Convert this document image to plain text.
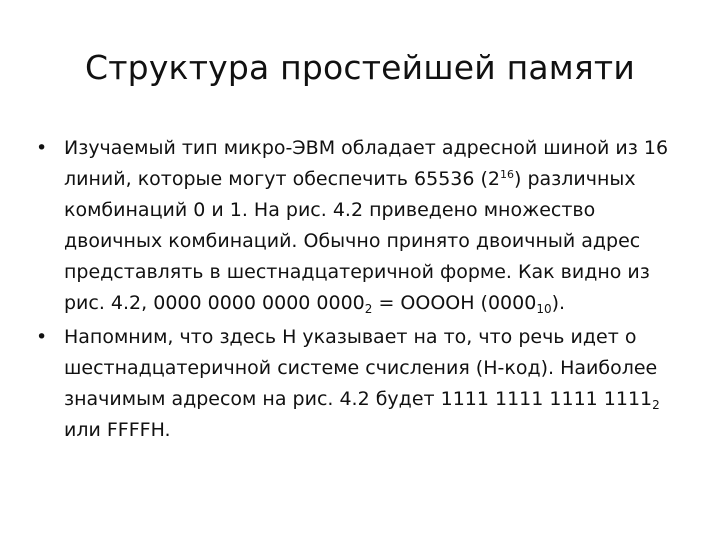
Структура простейшей памяти
• Изучаемый тип микро-ЭВМ обладает адресной шиной из 16 линий, которые могут обеспечить 65536 $(2^{16})$ различных комбинаций 0 и 1. На рис. 4.2 приведено множество двоичных комбинаций. Обычно принято двоичный адрес представлять в шестнадцатеричной форме. Как видно из рис. 4.2, 0000 0000 0000 $0000_2$ = OOOOH $(0000_{10})$.
• Напомним, что здесь H указывает на то, что речь идет о шестнадцатеричной системе счисления (H-код). Наиболее значимым адресом на рис. 4.2 будет 1111 1111 1111 $1111_2$ или FFFFH.
